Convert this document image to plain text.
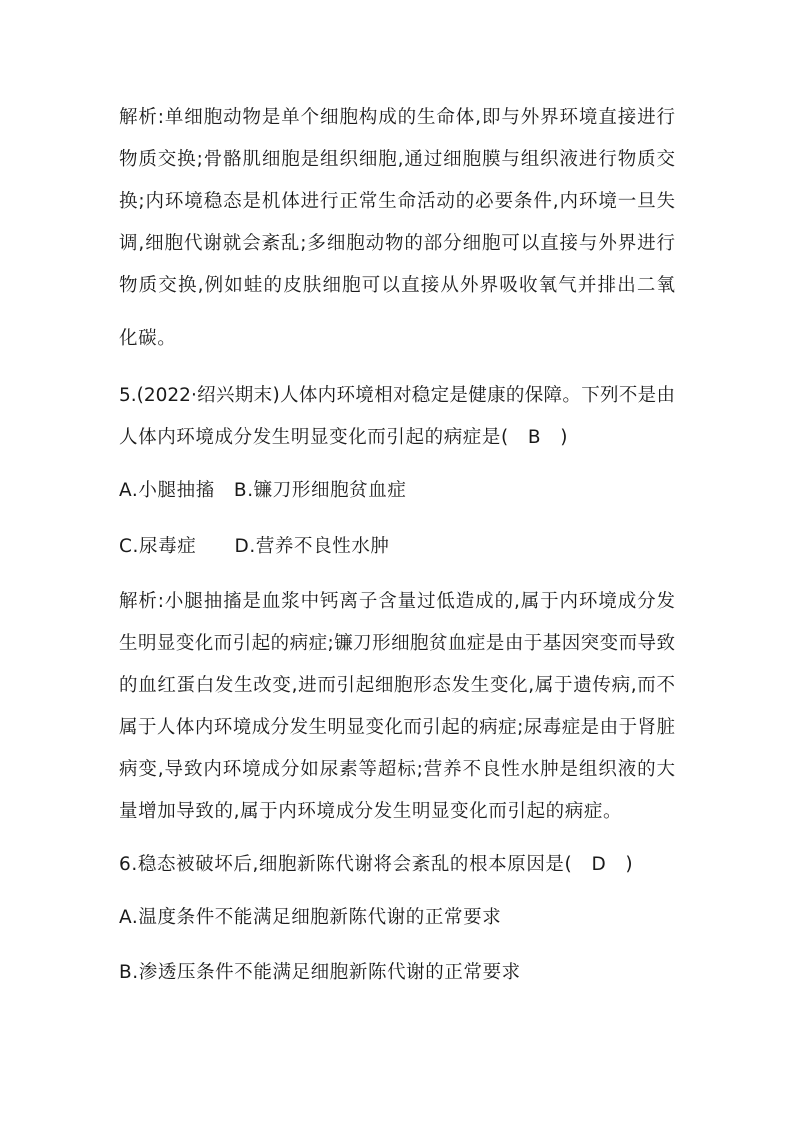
解析:单细胞动物是单个细胞构成的生命体,即与外界环境直接进行
物质交换;骨骼肌细胞是组织细胞,通过细胞膜与组织液进行物质交
换;内环境稳态是机体进行正常生命活动的必要条件,内环境一旦失
调,细胞代谢就会紊乱;多细胞动物的部分细胞可以直接与外界进行
物质交换,例如蛙的皮肤细胞可以直接从外界吸收氧气并排出二氧
化碳。
5.(2022·绍兴期末)人体内环境相对稳定是健康的保障。下列不是由
人体内环境成分发生明显变化而引起的病症是(　B　)
A.小腿抽搐　B.镰刀形细胞贫血症
C.尿毒症　　D.营养不良性水肿
解析:小腿抽搐是血浆中钙离子含量过低造成的,属于内环境成分发
生明显变化而引起的病症;镰刀形细胞贫血症是由于基因突变而导致
的血红蛋白发生改变,进而引起细胞形态发生变化,属于遗传病,而不
属于人体内环境成分发生明显变化而引起的病症;尿毒症是由于肾脏
病变,导致内环境成分如尿素等超标;营养不良性水肿是组织液的大
量增加导致的,属于内环境成分发生明显变化而引起的病症。
6.稳态被破坏后,细胞新陈代谢将会紊乱的根本原因是(　D　)
A.温度条件不能满足细胞新陈代谢的正常要求
B.渗透压条件不能满足细胞新陈代谢的正常要求
